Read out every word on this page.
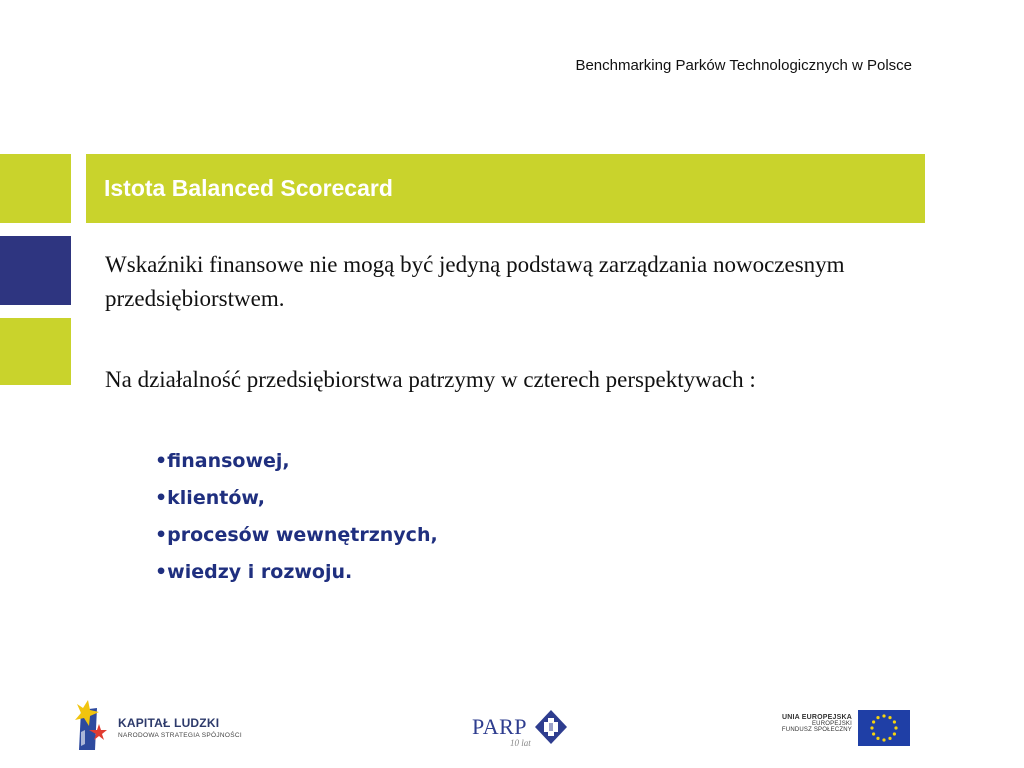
Benchmarking Parków Technologicznych w Polsce
Istota Balanced Scorecard
Wskaźniki finansowe nie mogą być jedyną podstawą zarządzania nowoczesnym przedsiębiorstwem.
Na działalność przedsiębiorstwa patrzymy w czterech perspektywach :
•finansowej,
•klientów,
•procesów wewnętrznych,
•wiedzy i rozwoju.
KAPITAŁ LUDZKI
NARODOWA STRATEGIA SPÓJNOŚCI	PARP
10 lat
UNIA EUROPEJSKA
EUROPEJSKI
FUNDUSZ SPOŁECZNY
